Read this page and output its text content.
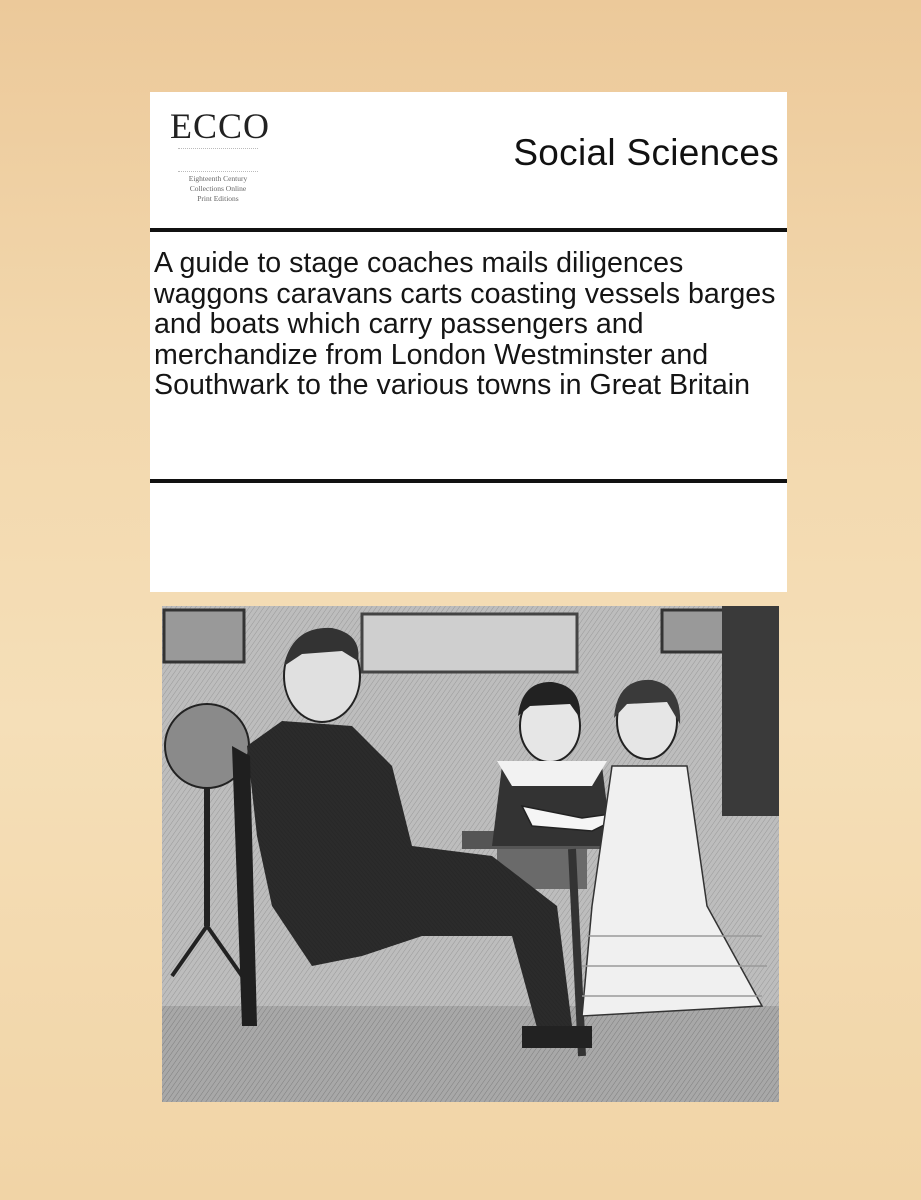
ECCO
Eighteenth Century
Collections Online
Print Editions
Social Sciences
A guide to stage coaches mails diligences waggons caravans carts coasting vessels barges and boats which carry passengers and merchandize from London Westminster and Southwark to the various towns in Great Britain
